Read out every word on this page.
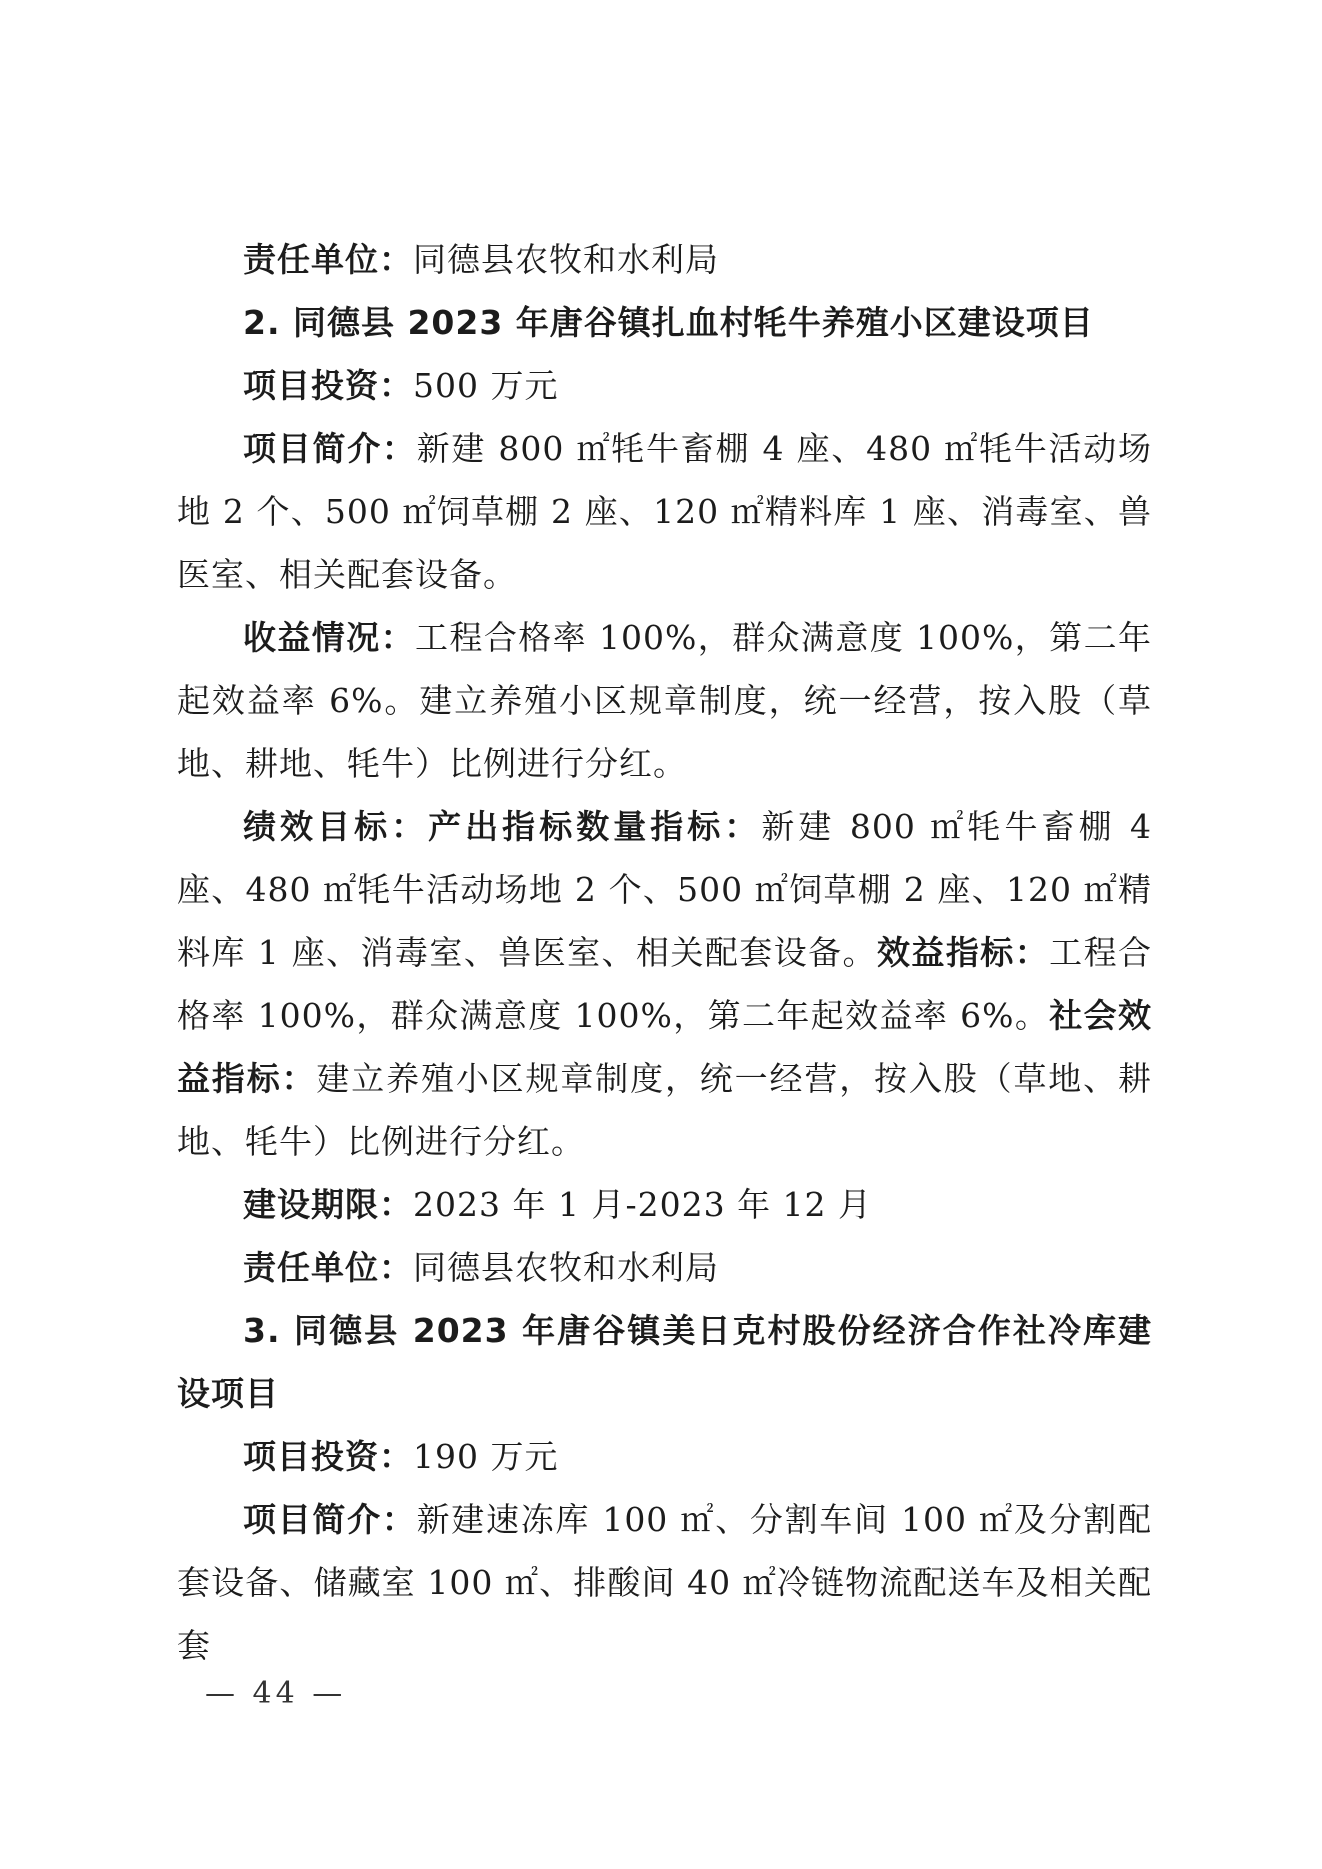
责任单位：同德县农牧和水利局

2. 同德县 2023 年唐谷镇扎血村牦牛养殖小区建设项目

项目投资：500 万元

项目简介：新建 800 ㎡牦牛畜棚 4 座、480 ㎡牦牛活动场地 2 个、500 ㎡饲草棚 2 座、120 ㎡精料库 1 座、消毒室、兽医室、相关配套设备。

收益情况：工程合格率 100%，群众满意度 100%，第二年起效益率 6%。建立养殖小区规章制度，统一经营，按入股（草地、耕地、牦牛）比例进行分红。

绩效目标：产出指标数量指标：新建 800 ㎡牦牛畜棚 4 座、480 ㎡牦牛活动场地 2 个、500 ㎡饲草棚 2 座、120 ㎡精料库 1 座、消毒室、兽医室、相关配套设备。效益指标：工程合格率 100%，群众满意度 100%，第二年起效益率 6%。社会效益指标：建立养殖小区规章制度，统一经营，按入股（草地、耕地、牦牛）比例进行分红。

建设期限：2023 年 1 月-2023 年 12 月

责任单位：同德县农牧和水利局

3. 同德县 2023 年唐谷镇美日克村股份经济合作社冷库建设项目

项目投资：190 万元

项目简介：新建速冻库 100 ㎡、分割车间 100 ㎡及分割配套设备、储藏室 100 ㎡、排酸间 40 ㎡冷链物流配送车及相关配套

— 44 —
